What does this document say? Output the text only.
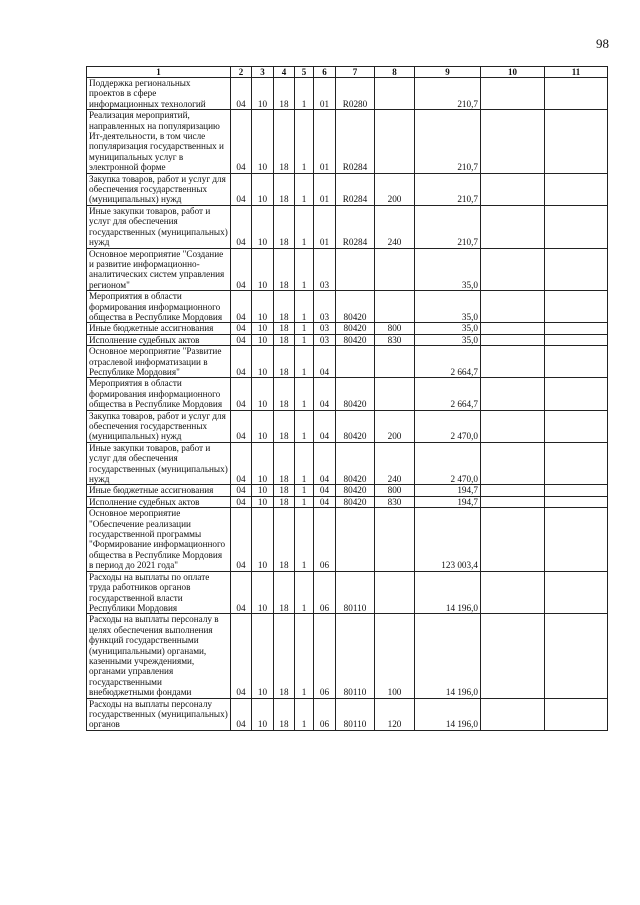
98
1	2	3	4	5	6	7	8	9	10	11
Поддержка региональных проектов в сфере информационных технологий	04	10	18	1	01	R0280		210,7		
Реализация мероприятий, направленных на популяризацию Ит-деятельности, в том числе популяризация государственных и муниципальных услуг в электронной форме	04	10	18	1	01	R0284		210,7		
Закупка товаров, работ и услуг для обеспечения государственных (муниципальных) нужд	04	10	18	1	01	R0284	200	210,7		
Иные закупки товаров, работ и услуг для обеспечения государственных (муниципальных) нужд	04	10	18	1	01	R0284	240	210,7		
Основное мероприятие "Создание и развитие информационно-аналитических систем управления регионом"	04	10	18	1	03			35,0		
Мероприятия в области формирования информационного общества в Республике Мордовия	04	10	18	1	03	80420		35,0		
Иные бюджетные ассигнования	04	10	18	1	03	80420	800	35,0		
Исполнение судебных актов	04	10	18	1	03	80420	830	35,0		
Основное мероприятие "Развитие отраслевой информатизации в Республике Мордовия"	04	10	18	1	04			2 664,7		
Мероприятия в области формирования информационного общества в Республике Мордовия	04	10	18	1	04	80420		2 664,7		
Закупка товаров, работ и услуг для обеспечения государственных (муниципальных) нужд	04	10	18	1	04	80420	200	2 470,0		
Иные закупки товаров, работ и услуг для обеспечения государственных (муниципальных) нужд	04	10	18	1	04	80420	240	2 470,0		
Иные бюджетные ассигнования	04	10	18	1	04	80420	800	194,7		
Исполнение судебных актов	04	10	18	1	04	80420	830	194,7		
Основное мероприятие "Обеспечение реализации государственной программы "Формирование информационного общества в Республике Мордовия в период до 2021 года"	04	10	18	1	06			123 003,4		
Расходы на выплаты по оплате труда работников органов государственной власти Республики Мордовия	04	10	18	1	06	80110		14 196,0		
Расходы на выплаты персоналу в целях обеспечения выполнения функций государственными (муниципальными) органами, казенными учреждениями, органами управления государственными внебюджетными фондами	04	10	18	1	06	80110	100	14 196,0		
Расходы на выплаты персоналу государственных (муниципальных) органов	04	10	18	1	06	80110	120	14 196,0		
